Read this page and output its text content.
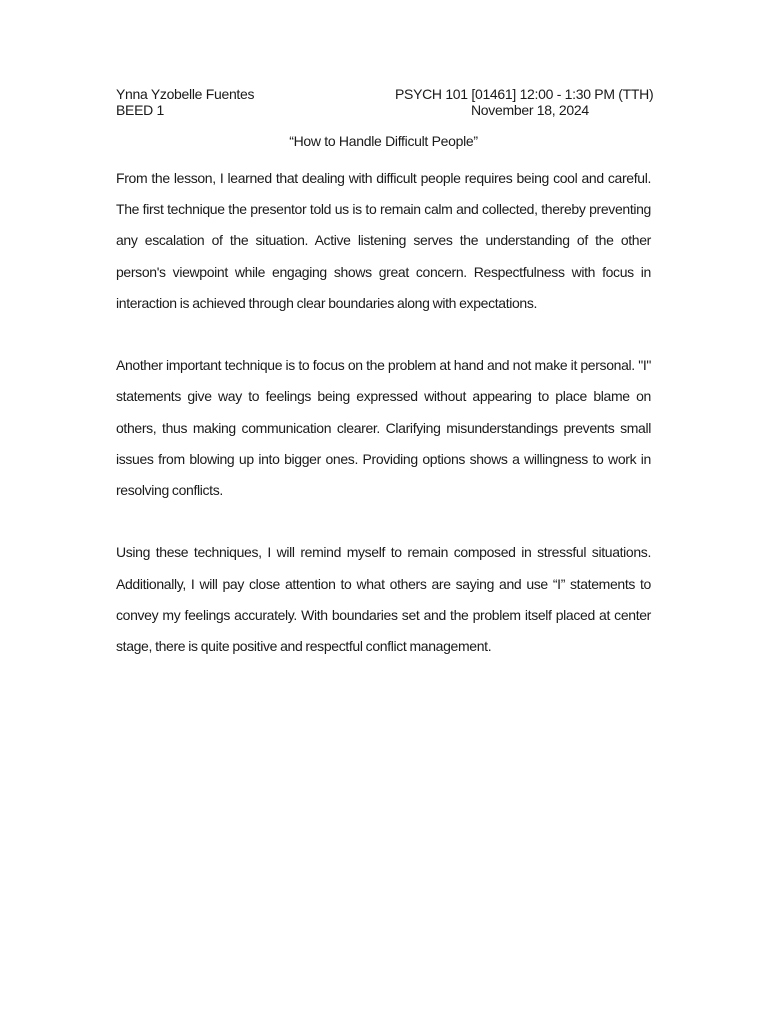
Ynna Yzobelle Fuentes	PSYCH 101 [01461] 12:00 - 1:30 PM (TTH)
BEED 1	November 18, 2024
“How to Handle Difficult People”

From the lesson, I learned that dealing with difficult people requires being cool and careful. The first technique the presentor told us is to remain calm and collected, thereby preventing any escalation of the situation. Active listening serves the understanding of the other person's viewpoint while engaging shows great concern. Respectfulness with focus in interaction is achieved through clear boundaries along with expectations.

Another important technique is to focus on the problem at hand and not make it personal. "I" statements give way to feelings being expressed without appearing to place blame on others, thus making communication clearer. Clarifying misunderstandings prevents small issues from blowing up into bigger ones. Providing options shows a willingness to work in resolving conflicts.

Using these techniques, I will remind myself to remain composed in stressful situations. Additionally, I will pay close attention to what others are saying and use “I” statements to convey my feelings accurately. With boundaries set and the problem itself placed at center stage, there is quite positive and respectful conflict management.
